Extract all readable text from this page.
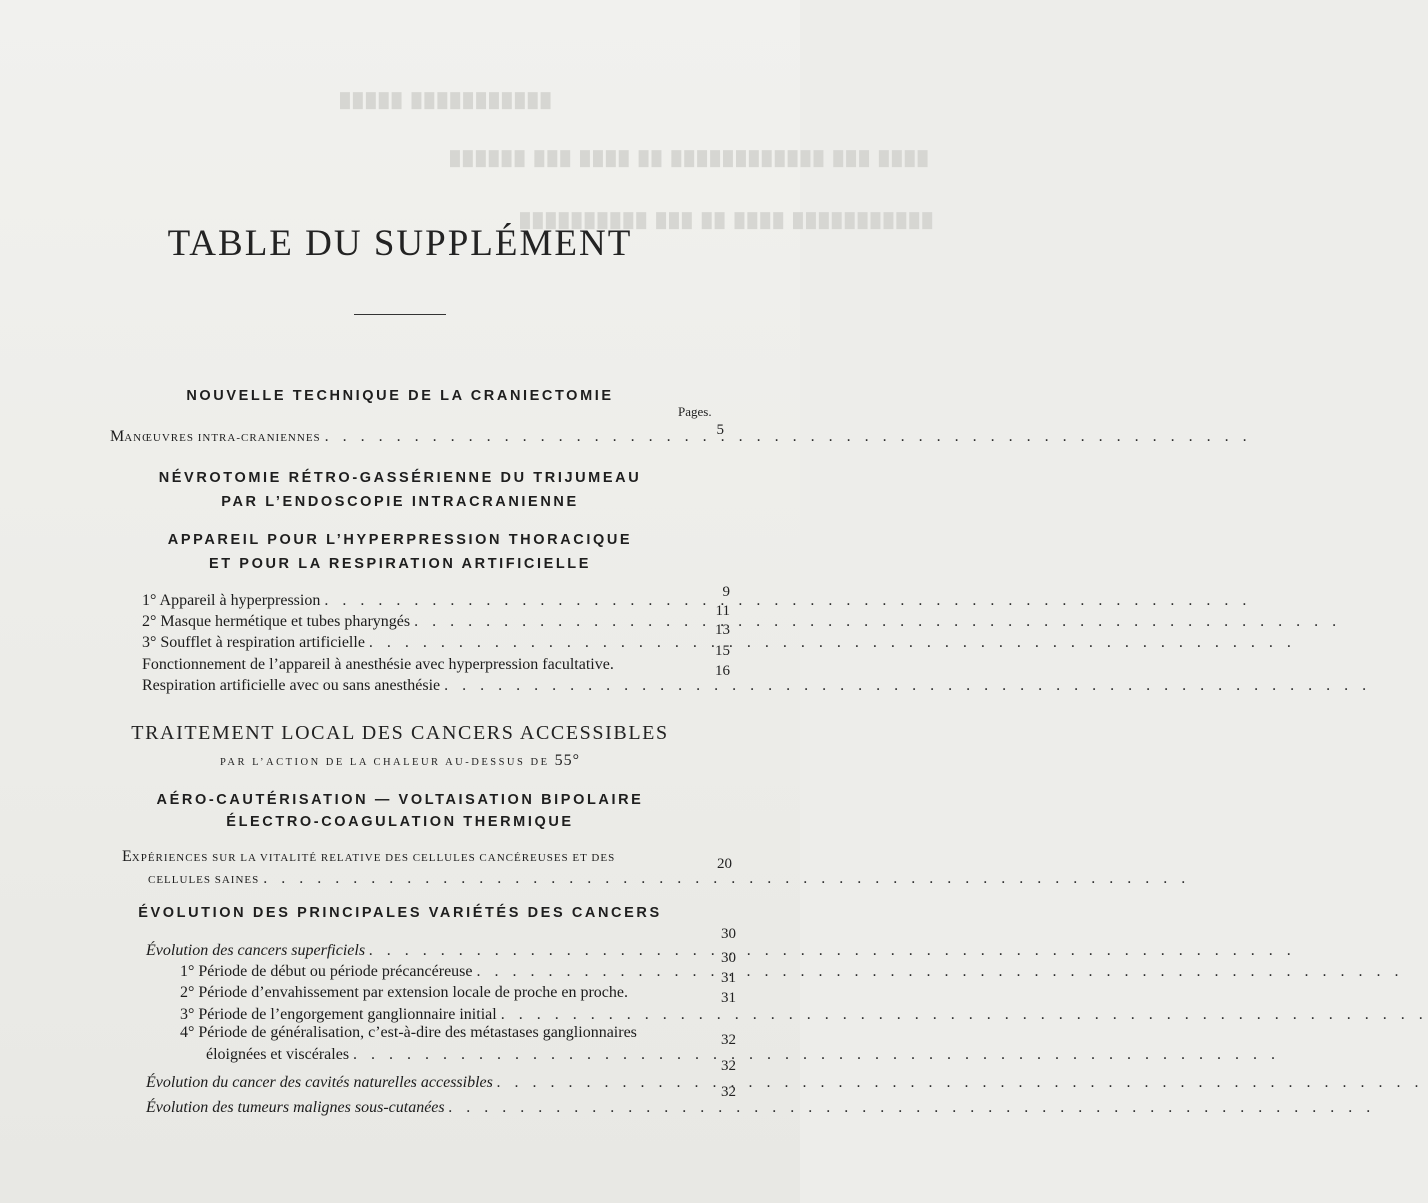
█████ ███████████
██████ ███ ████ ██ ████████████ ███ ████
██████████ ███ ██ ████ ███████████
TABLE DU SUPPLÉMENT
NOUVELLE TECHNIQUE DE LA CRANIECTOMIE
Pages.
MANŒUVRES INTRA-CRANIENNES . . .	5
NÉVROTOMIE RÉTRO-GASSÉRIENNE DU TRIJUMEAU
PAR L’ENDOSCOPIE INTRACRANIENNE
APPAREIL POUR L’HYPERPRESSION THORACIQUE
ET POUR LA RESPIRATION ARTIFICIELLE
1° Appareil à hyperpression . . .	9
2° Masque hermétique et tubes pharyngés
. . .
11
3° Soufflet à respiration artificielle
. . .
13
Fonctionnement de l’appareil à anesthésie avec hyperpression facultative.
15
Respiration artificielle avec ou sans anesthésie
. . .
16
TRAITEMENT LOCAL DES CANCERS ACCESSIBLES
PAR L’ACTION DE LA CHALEUR AU-DESSUS DE 55°
AÉRO-CAUTÉRISATION — VOLTAISATION BIPOLAIRE
ÉLECTRO-COAGULATION THERMIQUE
EXPÉRIENCES SUR LA VITALITÉ RELATIVE DES CELLULES CANCÉREUSES ET DES
CELLULES SAINES
. . .
20
ÉVOLUTION DES PRINCIPALES VARIÉTÉS DES CANCERS
Évolution des cancers superficiels
. . .
30
1° Période de début ou période précancéreuse
. . .
30
2° Période d’envahissement par extension locale de proche en proche.
31
3° Période de l’engorgement ganglionnaire initial
. . .
31
4° Période de généralisation, c’est-à-dire des métastases ganglionnaires
éloignées et viscérales
. . .
32
Évolution du cancer des cavités naturelles accessibles
. . .
32
Évolution des tumeurs malignes sous-cutanées
. . .
32
